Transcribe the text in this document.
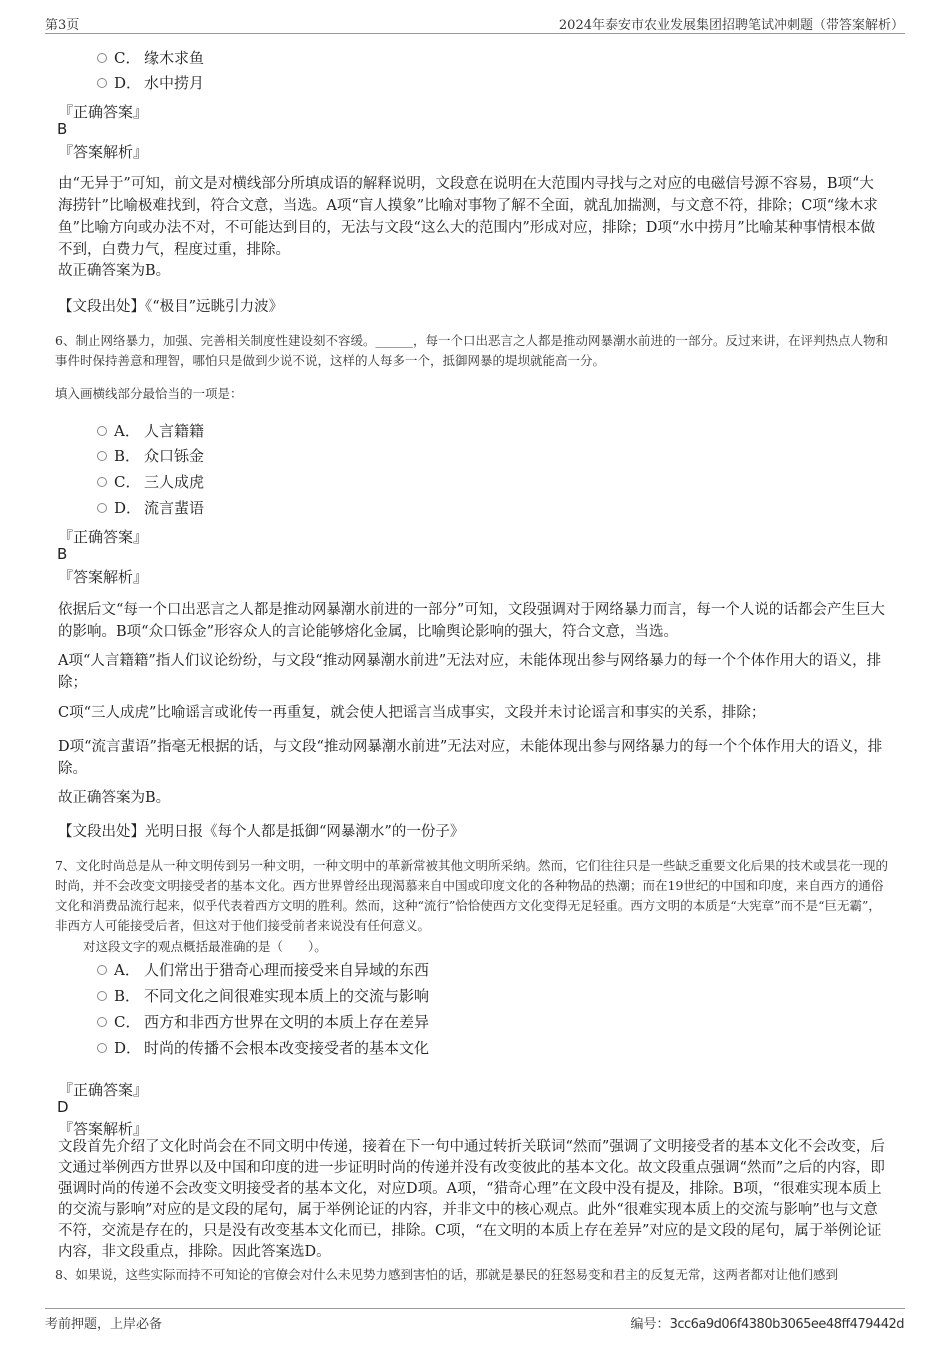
第3页	2024年泰安市农业发展集团招聘笔试冲刺题（带答案解析）
C． 缘木求鱼
D． 水中捞月
『正确答案』
B
『答案解析』
由“无异于”可知，前文是对横线部分所填成语的解释说明，文段意在说明在大范围内寻找与之对应的电磁信号源不容易，B项“大海捞针”比喻极难找到，符合文意，当选。A项“盲人摸象”比喻对事物了解不全面，就乱加揣测，与文意不符，排除；C项“缘木求鱼”比喻方向或办法不对，不可能达到目的，无法与文段“这么大的范围内”形成对应，排除；D项“水中捞月”比喻某种事情根本做不到，白费力气，程度过重，排除。
故正确答案为B。
【文段出处】《“极目”远眺引力波》
6、制止网络暴力，加强、完善相关制度性建设刻不容缓。______，每一个口出恶言之人都是推动网暴潮水前进的一部分。反过来讲，在评判热点人物和事件时保持善意和理智，哪怕只是做到少说不说，这样的人每多一个，抵御网暴的堤坝就能高一分。
填入画横线部分最恰当的一项是：
A． 人言籍籍
B． 众口铄金
C． 三人成虎
D． 流言蜚语
『正确答案』
B
『答案解析』
依据后文“每一个口出恶言之人都是推动网暴潮水前进的一部分”可知，文段强调对于网络暴力而言，每一个人说的话都会产生巨大的影响。B项“众口铄金”形容众人的言论能够熔化金属，比喻舆论影响的强大，符合文意，当选。
A项“人言籍籍”指人们议论纷纷，与文段“推动网暴潮水前进”无法对应，未能体现出参与网络暴力的每一个个体作用大的语义，排除；
C项“三人成虎”比喻谣言或讹传一再重复，就会使人把谣言当成事实，文段并未讨论谣言和事实的关系，排除；
D项“流言蜚语”指毫无根据的话，与文段“推动网暴潮水前进”无法对应，未能体现出参与网络暴力的每一个个体作用大的语义，排除。
故正确答案为B。
【文段出处】光明日报《每个人都是抵御“网暴潮水”的一份子》
7、文化时尚总是从一种文明传到另一种文明，一种文明中的革新常被其他文明所采纳。然而，它们往往只是一些缺乏重要文化后果的技术或昙花一现的时尚，并不会改变文明接受者的基本文化。西方世界曾经出现渴慕来自中国或印度文化的各种物品的热潮；而在19世纪的中国和印度，来自西方的通俗文化和消费品流行起来，似乎代表着西方文明的胜利。然而，这种“流行”恰恰使西方文化变得无足轻重。西方文明的本质是“大宪章”而不是“巨无霸”，非西方人可能接受后者，但这对于他们接受前者来说没有任何意义。
对这段文字的观点概括最准确的是（　　）。
A． 人们常出于猎奇心理而接受来自异域的东西
B． 不同文化之间很难实现本质上的交流与影响
C． 西方和非西方世界在文明的本质上存在差异
D． 时尚的传播不会根本改变接受者的基本文化
『正确答案』
D
『答案解析』
文段首先介绍了文化时尚会在不同文明中传递，接着在下一句中通过转折关联词“然而”强调了文明接受者的基本文化不会改变，后文通过举例西方世界以及中国和印度的进一步证明时尚的传递并没有改变彼此的基本文化。故文段重点强调“然而”之后的内容，即强调时尚的传递不会改变文明接受者的基本文化，对应D项。A项，“猎奇心理”在文段中没有提及，排除。B项，“很难实现本质上的交流与影响”对应的是文段的尾句，属于举例论证的内容，并非文中的核心观点。此外“很难实现本质上的交流与影响”也与文意不符，交流是存在的，只是没有改变基本文化而已，排除。C项，“在文明的本质上存在差异”对应的是文段的尾句，属于举例论证内容，非文段重点，排除。因此答案选D。
8、如果说，这些实际而持不可知论的官僚会对什么未见势力感到害怕的话，那就是暴民的狂怒易变和君主的反复无常，这两者都对让他们感到
考前押题，上岸必备	编号：3cc6a9d06f4380b3065ee48ff479442d
